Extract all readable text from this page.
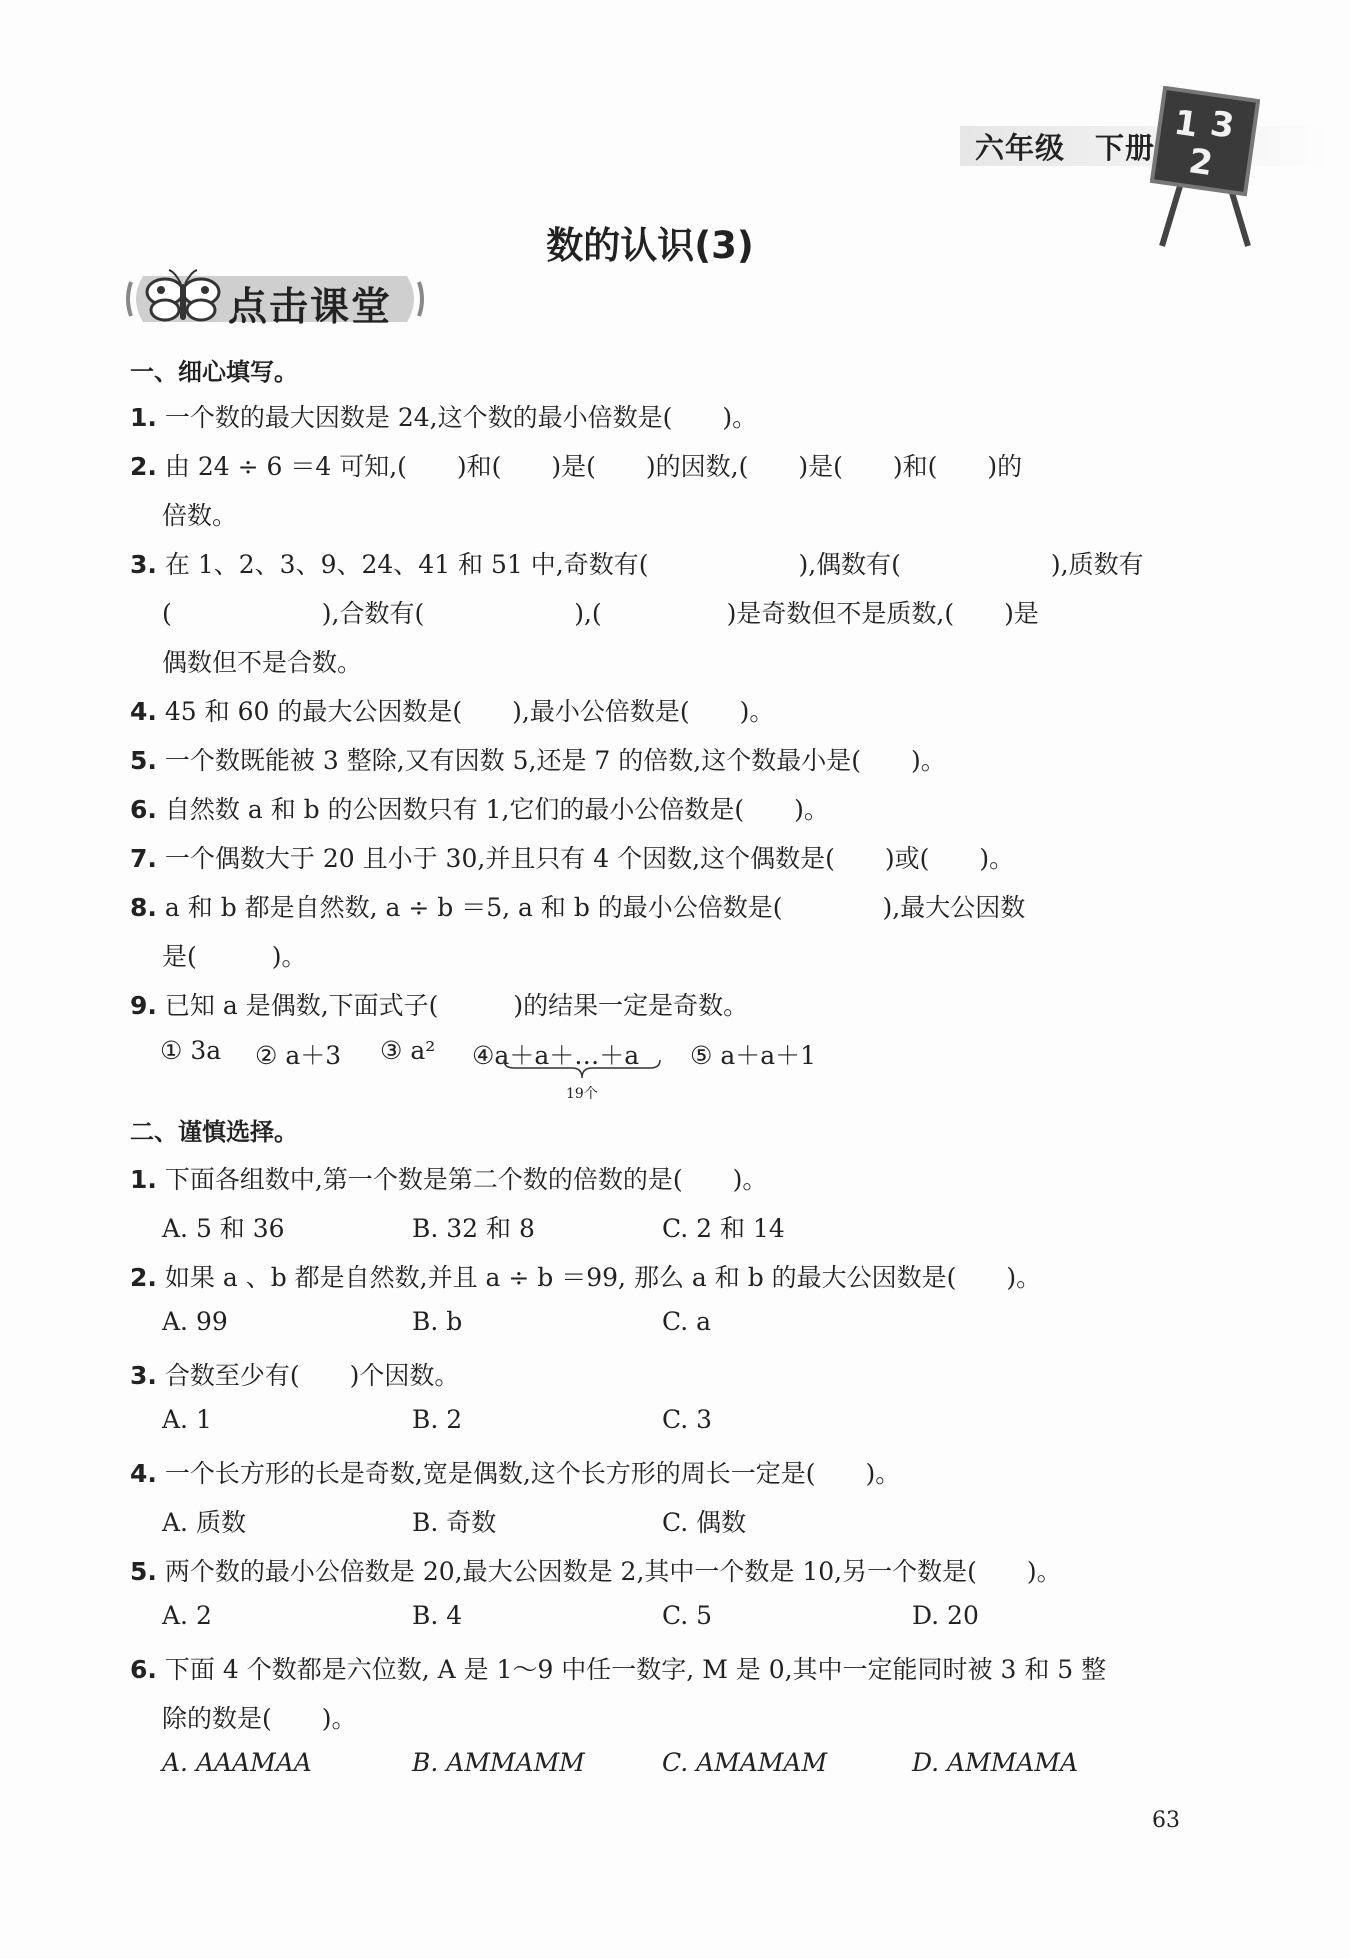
六年级　下册
1 3
2
数的认识(3)
点击课堂
一、细心填写。
1. 一个数的最大因数是 24,这个数的最小倍数是(　　)。
2. 由 24 ÷ 6 ＝4 可知,(　　)和(　　)是(　　)的因数,(　　)是(　　)和(　　)的
倍数。
3. 在 1、2、3、9、24、41 和 51 中,奇数有(　　　　　　),偶数有(　　　　　　),质数有
(　　　　　　),合数有(　　　　　　),(　　　　　)是奇数但不是质数,(　　)是
偶数但不是合数。
4. 45 和 60 的最大公因数是(　　),最小公倍数是(　　)。
5. 一个数既能被 3 整除,又有因数 5,还是 7 的倍数,这个数最小是(　　)。
6. 自然数 a 和 b 的公因数只有 1,它们的最小公倍数是(　　)。
7. 一个偶数大于 20 且小于 30,并且只有 4 个因数,这个偶数是(　　)或(　　)。
8. a 和 b 都是自然数, a ÷ b ＝5, a 和 b 的最小公倍数是(　　　　),最大公因数
是(　　　)。
9. 已知 a 是偶数,下面式子(　　　)的结果一定是奇数。
① 3a ② a＋3 ③ a² ④a＋a＋…＋a ⑤ a＋a＋1
19个
二、谨慎选择。
1. 下面各组数中,第一个数是第二个数的倍数的是(　　)。
A. 5 和 36	B. 32 和 8	C. 2 和 14
2. 如果 a 、b 都是自然数,并且 a ÷ b ＝99, 那么 a 和 b 的最大公因数是(　　)。
A. 99	B. b	C. a
3. 合数至少有(　　)个因数。
A. 1	B. 2	C. 3
4. 一个长方形的长是奇数,宽是偶数,这个长方形的周长一定是(　　)。
A. 质数	B. 奇数	C. 偶数
5. 两个数的最小公倍数是 20,最大公因数是 2,其中一个数是 10,另一个数是(　　)。
A. 2	B. 4	C. 5	D. 20
6. 下面 4 个数都是六位数, A 是 1～9 中任一数字, M 是 0,其中一定能同时被 3 和 5 整
除的数是(　　)。
A. AAAMAA	B. AMMAMM	C. AMAMAM	D. AMMAMA
63
